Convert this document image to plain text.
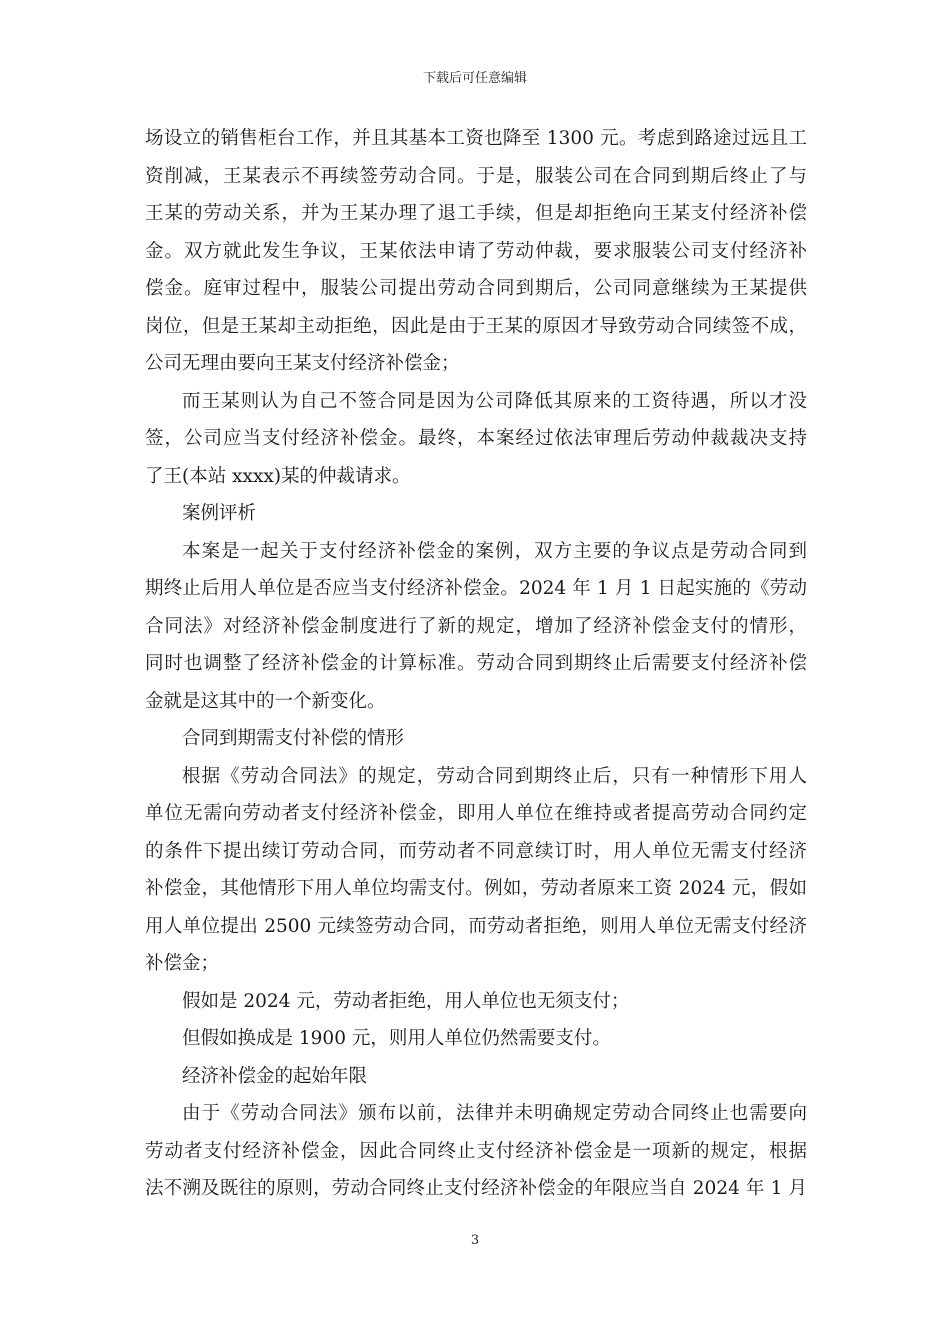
下载后可任意编辑
场设立的销售柜台工作，并且其基本工资也降至 1300 元。考虑到路途过远且工
资削减，王某表示不再续签劳动合同。于是，服装公司在合同到期后终止了与
王某的劳动关系，并为王某办理了退工手续，但是却拒绝向王某支付经济补偿
金。双方就此发生争议，王某依法申请了劳动仲裁，要求服装公司支付经济补
偿金。庭审过程中，服装公司提出劳动合同到期后，公司同意继续为王某提供
岗位，但是王某却主动拒绝，因此是由于王某的原因才导致劳动合同续签不成，
公司无理由要向王某支付经济补偿金；
而王某则认为自己不签合同是因为公司降低其原来的工资待遇，所以才没
签，公司应当支付经济补偿金。最终，本案经过依法审理后劳动仲裁裁决支持
了王(本站 xxxx)某的仲裁请求。
案例评析
本案是一起关于支付经济补偿金的案例，双方主要的争议点是劳动合同到
期终止后用人单位是否应当支付经济补偿金。2024 年 1 月 1 日起实施的《劳动
合同法》对经济补偿金制度进行了新的规定，增加了经济补偿金支付的情形，
同时也调整了经济补偿金的计算标准。劳动合同到期终止后需要支付经济补偿
金就是这其中的一个新变化。
合同到期需支付补偿的情形
根据《劳动合同法》的规定，劳动合同到期终止后，只有一种情形下用人
单位无需向劳动者支付经济补偿金，即用人单位在维持或者提高劳动合同约定
的条件下提出续订劳动合同，而劳动者不同意续订时，用人单位无需支付经济
补偿金，其他情形下用人单位均需支付。例如，劳动者原来工资 2024 元，假如
用人单位提出 2500 元续签劳动合同，而劳动者拒绝，则用人单位无需支付经济
补偿金；
假如是 2024 元，劳动者拒绝，用人单位也无须支付；
但假如换成是 1900 元，则用人单位仍然需要支付。
经济补偿金的起始年限
由于《劳动合同法》颁布以前，法律并未明确规定劳动合同终止也需要向
劳动者支付经济补偿金，因此合同终止支付经济补偿金是一项新的规定，根据
法不溯及既往的原则，劳动合同终止支付经济补偿金的年限应当自 2024 年 1 月
3
